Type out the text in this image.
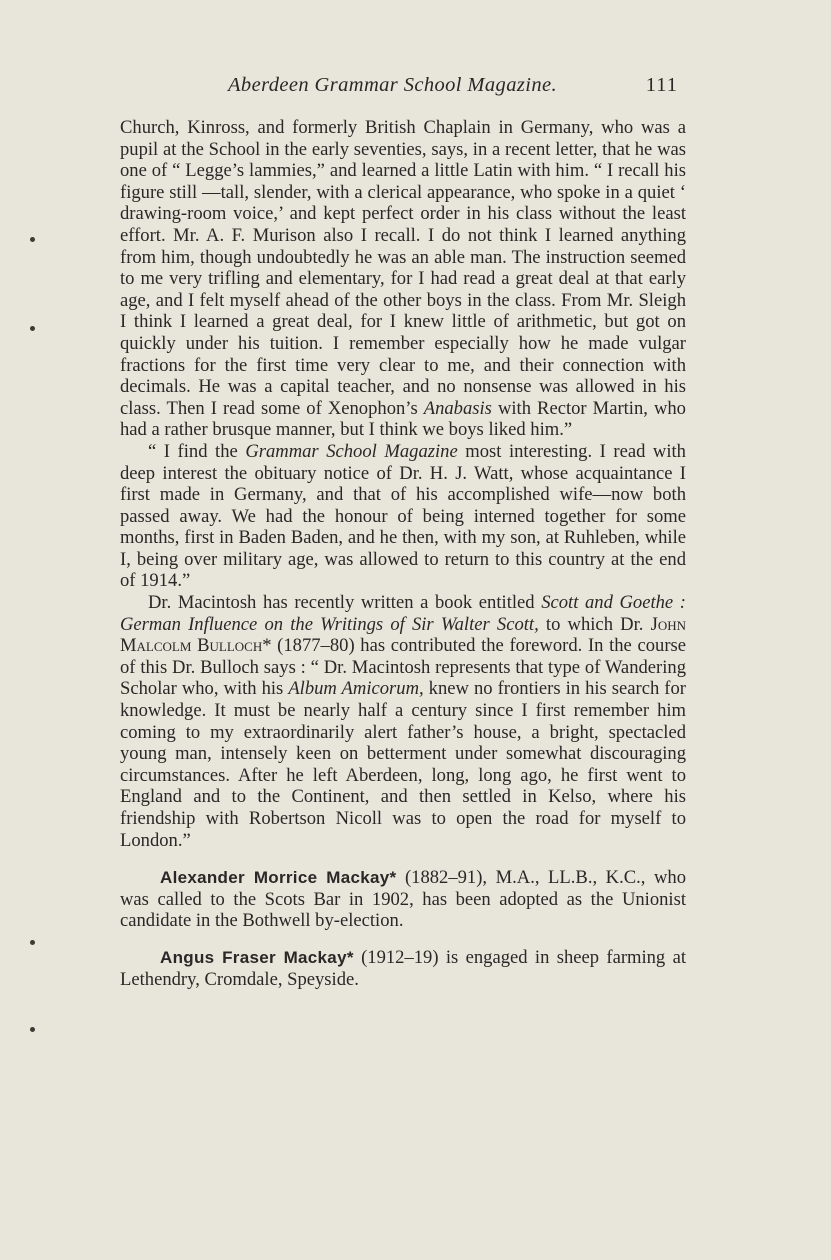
Aberdeen Grammar School Magazine.	111

Church, Kinross, and formerly British Chaplain in Germany, who was a pupil at the School in the early seventies, says, in a recent letter, that he was one of “ Legge’s lammies,” and learned a little Latin with him. “ I recall his figure still —tall, slender, with a clerical appearance, who spoke in a quiet ‘ drawing-room voice,’ and kept perfect order in his class without the least effort. Mr. A. F. Murison also I recall. I do not think I learned anything from him, though undoubtedly he was an able man. The instruction seemed to me very trifling and elementary, for I had read a great deal at that early age, and I felt myself ahead of the other boys in the class. From Mr. Sleigh I think I learned a great deal, for I knew little of arithmetic, but got on quickly under his tuition. I remember especially how he made vulgar fractions for the first time very clear to me, and their connection with decimals. He was a capital teacher, and no nonsense was allowed in his class. Then I read some of Xenophon’s Anabasis with Rector Martin, who had a rather brusque manner, but I think we boys liked him.”

“ I find the Grammar School Magazine most interesting. I read with deep interest the obituary notice of Dr. H. J. Watt, whose acquaintance I first made in Germany, and that of his accomplished wife—now both passed away. We had the honour of being interned together for some months, first in Baden Baden, and he then, with my son, at Ruhleben, while I, being over military age, was allowed to return to this country at the end of 1914.”

Dr. Macintosh has recently written a book entitled Scott and Goethe : German Influence on the Writings of Sir Walter Scott, to which Dr. John Malcolm Bulloch* (1877–80) has contributed the foreword. In the course of this Dr. Bulloch says : “ Dr. Macintosh represents that type of Wandering Scholar who, with his Album Amicorum, knew no frontiers in his search for knowledge. It must be nearly half a century since I first remember him coming to my extraordinarily alert father’s house, a bright, spectacled young man, intensely keen on betterment under somewhat discouraging circumstances. After he left Aberdeen, long, long ago, he first went to England and to the Continent, and then settled in Kelso, where his friendship with Robertson Nicoll was to open the road for myself to London.”

Alexander Morrice Mackay* (1882–91), M.A., LL.B., K.C., who was called to the Scots Bar in 1902, has been adopted as the Unionist candidate in the Bothwell by-election.

Angus Fraser Mackay* (1912–19) is engaged in sheep farming at Lethendry, Cromdale, Speyside.
